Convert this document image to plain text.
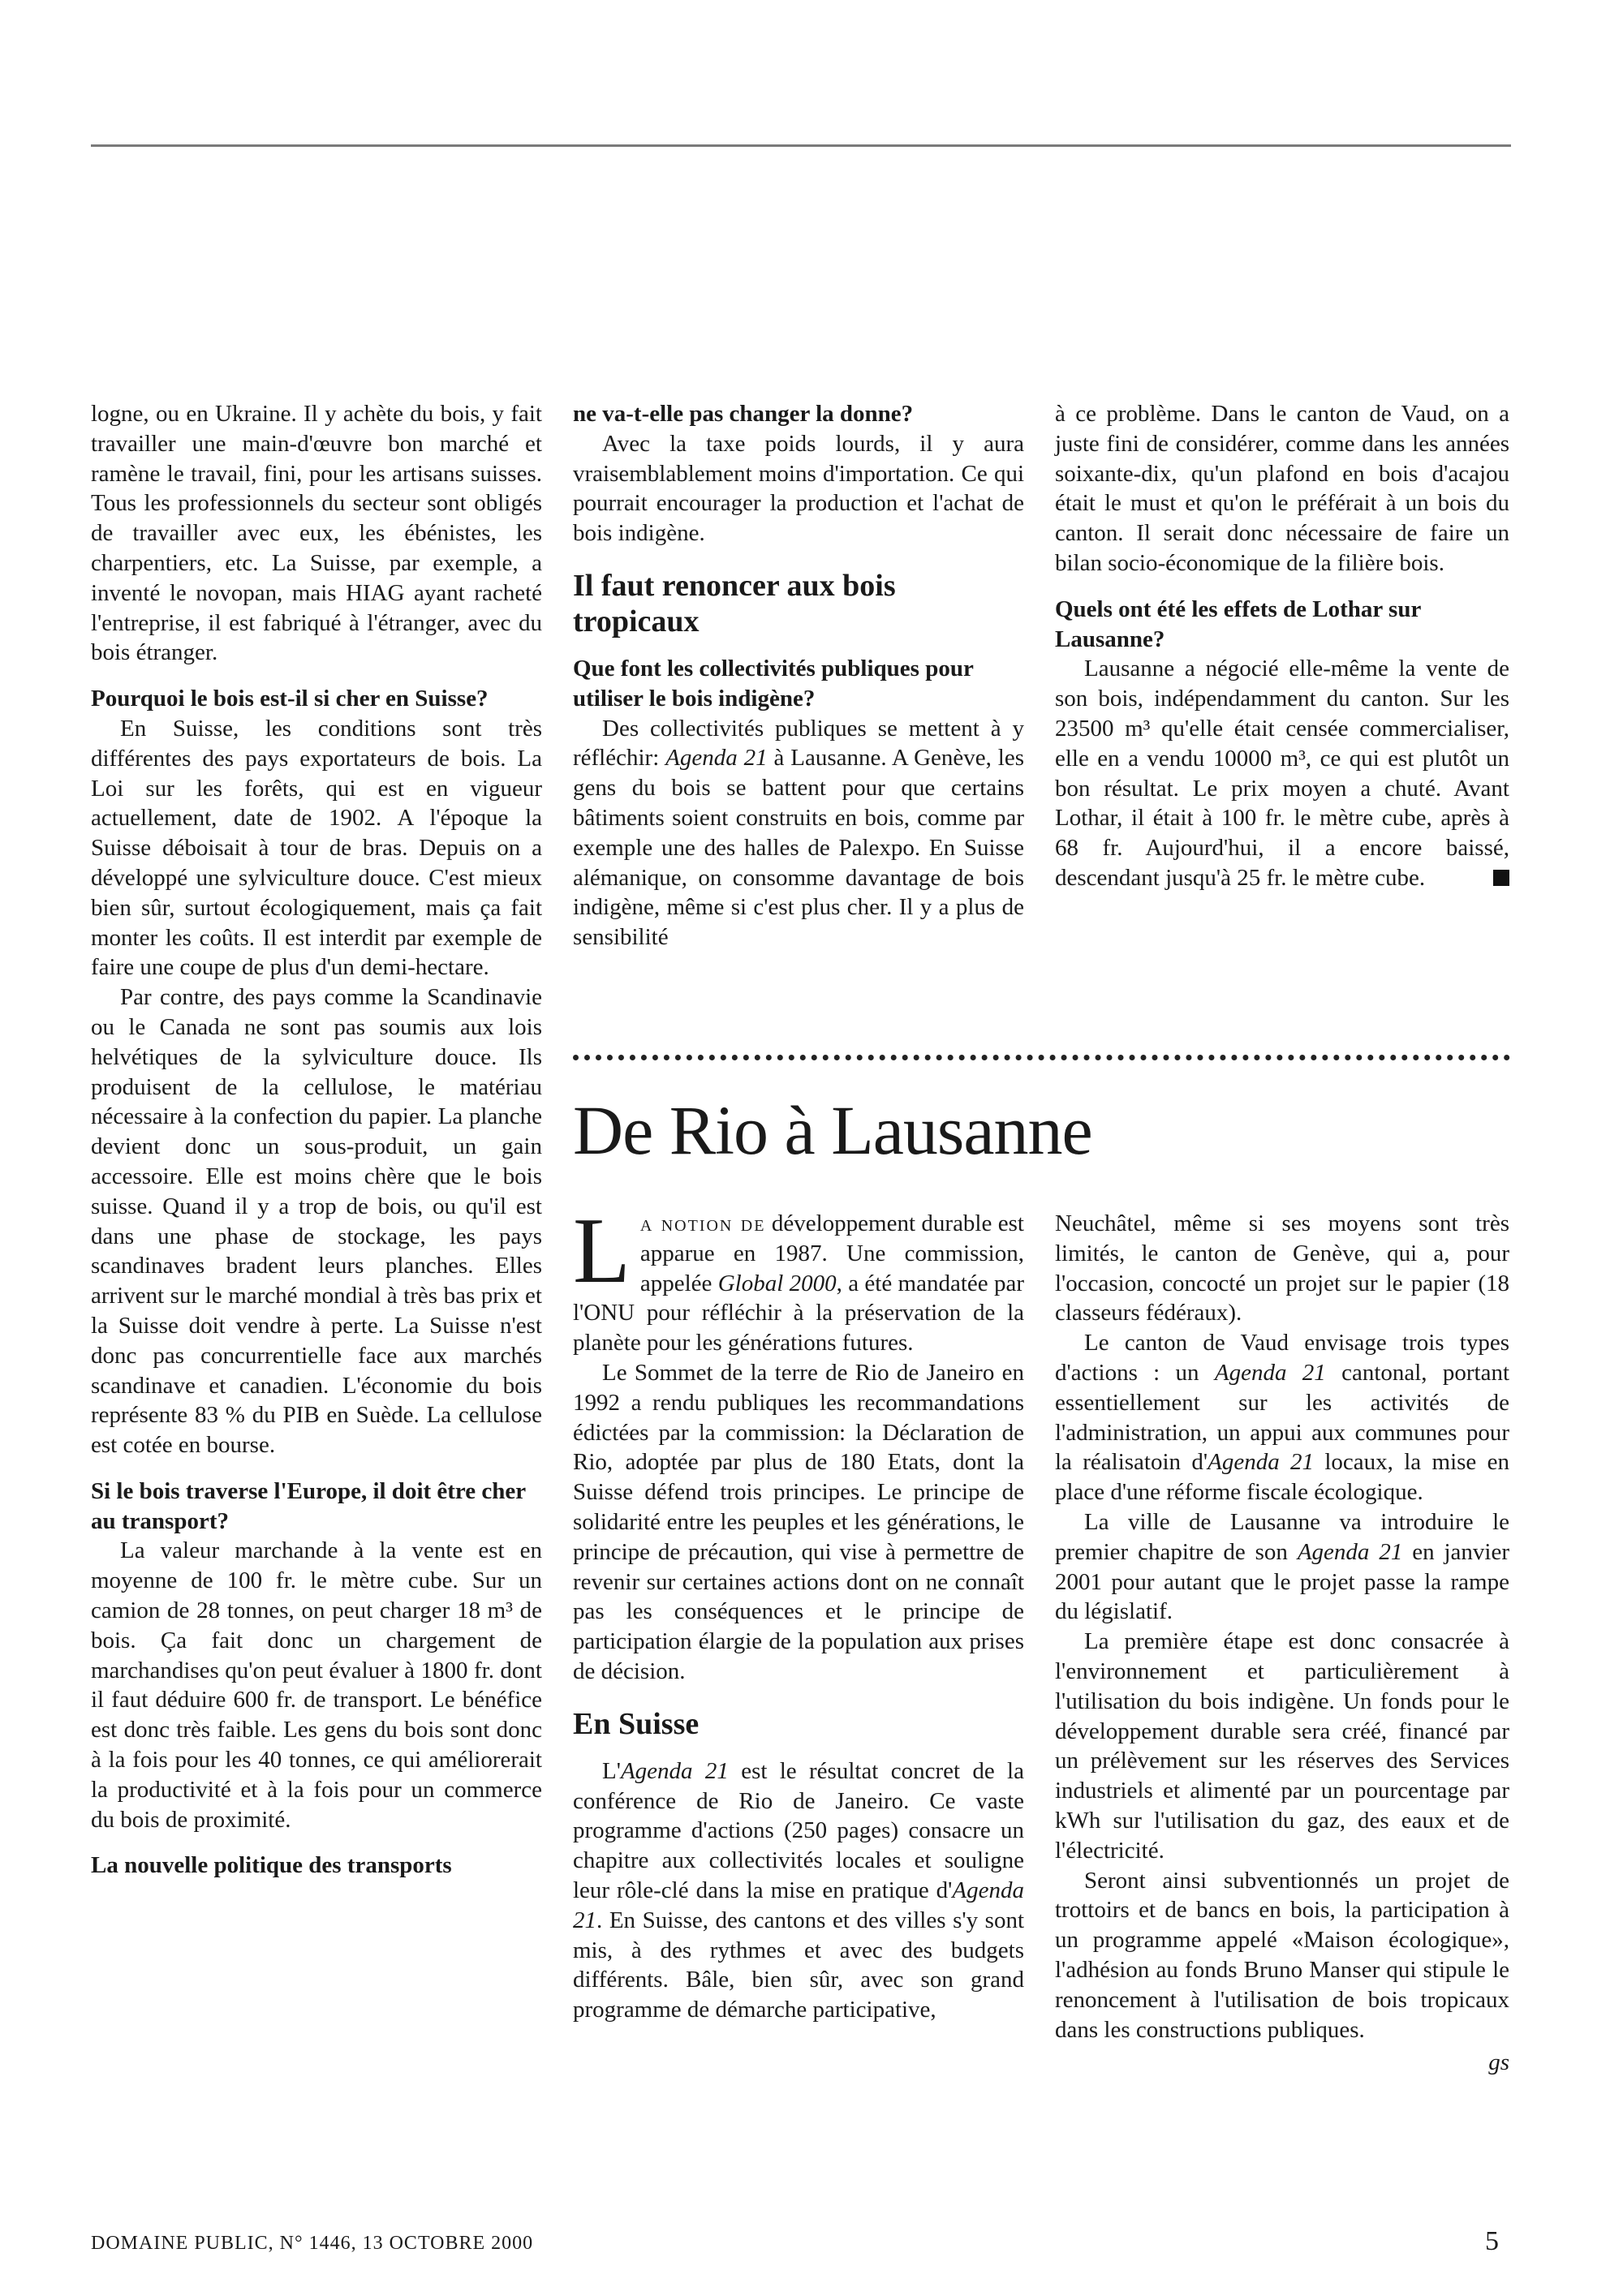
logne, ou en Ukraine. Il y achète du bois, y fait travailler une main-d'œuvre bon marché et ramène le travail, fini, pour les artisans suisses. Tous les professionnels du secteur sont obligés de travailler avec eux, les ébénistes, les charpentiers, etc. La Suisse, par exemple, a inventé le novopan, mais HIAG ayant racheté l'entreprise, il est fabriqué à l'étranger, avec du bois étranger.

Pourquoi le bois est-il si cher en Suisse?

En Suisse, les conditions sont très différentes des pays exportateurs de bois. La Loi sur les forêts, qui est en vigueur actuellement, date de 1902. A l'époque la Suisse déboisait à tour de bras. Depuis on a développé une sylviculture douce. C'est mieux bien sûr, surtout écologiquement, mais ça fait monter les coûts. Il est interdit par exemple de faire une coupe de plus d'un demi-hectare.

Par contre, des pays comme la Scandinavie ou le Canada ne sont pas soumis aux lois helvétiques de la sylviculture douce. Ils produisent de la cellulose, le matériau nécessaire à la confection du papier. La planche devient donc un sous-produit, un gain accessoire. Elle est moins chère que le bois suisse. Quand il y a trop de bois, ou qu'il est dans une phase de stockage, les pays scandinaves bradent leurs planches. Elles arrivent sur le marché mondial à très bas prix et la Suisse doit vendre à perte. La Suisse n'est donc pas concurrentielle face aux marchés scandinave et canadien. L'économie du bois représente 83 % du PIB en Suède. La cellulose est cotée en bourse.

Si le bois traverse l'Europe, il doit être cher au transport?

La valeur marchande à la vente est en moyenne de 100 fr. le mètre cube. Sur un camion de 28 tonnes, on peut charger 18 m³ de bois. Ça fait donc un chargement de marchandises qu'on peut évaluer à 1800 fr. dont il faut déduire 600 fr. de transport. Le bénéfice est donc très faible. Les gens du bois sont donc à la fois pour les 40 tonnes, ce qui améliorerait la productivité et à la fois pour un commerce du bois de proximité.

La nouvelle politique des transports
ne va-t-elle pas changer la donne?

Avec la taxe poids lourds, il y aura vraisemblablement moins d'importation. Ce qui pourrait encourager la production et l'achat de bois indigène.

Il faut renoncer aux bois tropicaux
Que font les collectivités publiques pour utiliser le bois indigène?

Des collectivités publiques se mettent à y réfléchir: Agenda 21 à Lausanne. A Genève, les gens du bois se battent pour que certains bâtiments soient construits en bois, comme par exemple une des halles de Palexpo. En Suisse alémanique, on consomme davantage de bois indigène, même si c'est plus cher. Il y a plus de sensibilité

à ce problème. Dans le canton de Vaud, on a juste fini de considérer, comme dans les années soixante-dix, qu'un plafond en bois d'acajou était le must et qu'on le préférait à un bois du canton. Il serait donc nécessaire de faire un bilan socio-économique de la filière bois.

Quels ont été les effets de Lothar sur Lausanne?

Lausanne a négocié elle-même la vente de son bois, indépendamment du canton. Sur les 23500 m³ qu'elle était censée commercialiser, elle en a vendu 10000 m³, ce qui est plutôt un bon résultat. Le prix moyen a chuté. Avant Lothar, il était à 100 fr. le mètre cube, après à 68 fr. Aujourd'hui, il a encore baissé, descendant jusqu'à 25 fr. le mètre cube.

De Rio à Lausanne

La notion de développement durable est apparue en 1987. Une commission, appelée Global 2000, a été mandatée par l'ONU pour réfléchir à la préservation de la planète pour les générations futures.

Le Sommet de la terre de Rio de Janeiro en 1992 a rendu publiques les recommandations édictées par la commission: la Déclaration de Rio, adoptée par plus de 180 Etats, dont la Suisse défend trois principes. Le principe de solidarité entre les peuples et les générations, le principe de précaution, qui vise à permettre de revenir sur certaines actions dont on ne connaît pas les conséquences et le principe de participation élargie de la population aux prises de décision.

En Suisse

L'Agenda 21 est le résultat concret de la conférence de Rio de Janeiro. Ce vaste programme d'actions (250 pages) consacre un chapitre aux collectivités locales et souligne leur rôle-clé dans la mise en pratique d'Agenda 21. En Suisse, des cantons et des villes s'y sont mis, à des rythmes et avec des budgets différents. Bâle, bien sûr, avec son grand programme de démarche participative,

Neuchâtel, même si ses moyens sont très limités, le canton de Genève, qui a, pour l'occasion, concocté un projet sur le papier (18 classeurs fédéraux).

Le canton de Vaud envisage trois types d'actions : un Agenda 21 cantonal, portant essentiellement sur les activités de l'administration, un appui aux communes pour la réalisatoin d'Agenda 21 locaux, la mise en place d'une réforme fiscale écologique.

La ville de Lausanne va introduire le premier chapitre de son Agenda 21 en janvier 2001 pour autant que le projet passe la rampe du législatif.

La première étape est donc consacrée à l'environnement et particulièrement à l'utilisation du bois indigène. Un fonds pour le développement durable sera créé, financé par un prélèvement sur les réserves des Services industriels et alimenté par un pourcentage par kWh sur l'utilisation du gaz, des eaux et de l'électricité.

Seront ainsi subventionnés un projet de trottoirs et de bancs en bois, la participation à un programme appelé «Maison écologique», l'adhésion au fonds Bruno Manser qui stipule le renoncement à l'utilisation de bois tropicaux dans les constructions publiques.

gs
DOMAINE PUBLIC, N° 1446, 13 OCTOBRE 2000	5
